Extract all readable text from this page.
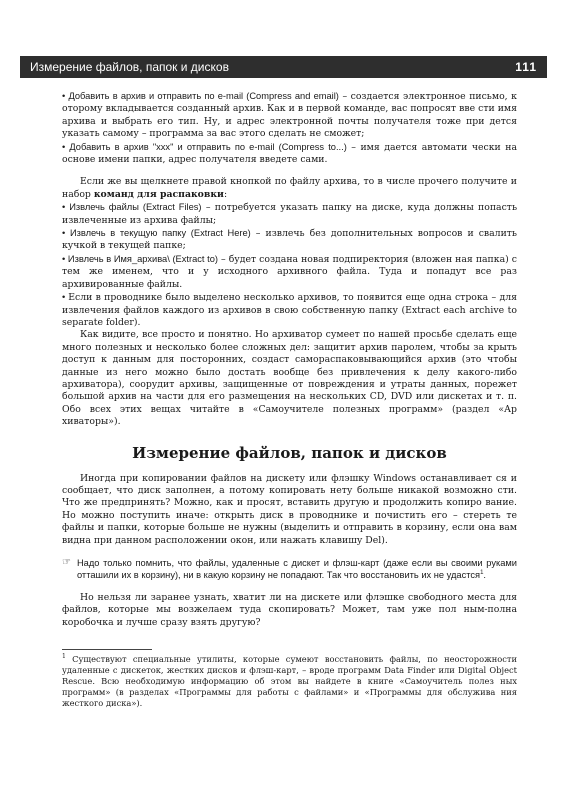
Измерение файлов, папок и дисков	111

• Добавить в архив и отправить по e-mail (Compress and email) – создается электронное письмо, к оторому вкладывается созданный архив. Как и в первой команде, вас попросят вве сти имя архива и выбрать его тип. Ну, и адрес электронной почты получателя тоже при дется указать самому – программа за вас этого сделать не сможет;

• Добавить в архив "ххх" и отправить по e-mail (Compress to...) – имя дается автомати чески на основе имени папки, адрес получателя введете сами.

Если же вы щелкнете правой кнопкой по файлу архива, то в числе прочего получите и набор команд для распаковки:

• Извлечь файлы (Extract Files) – потребуется указать папку на диске, куда должны попасть извлеченные из архива файлы;

• Извлечь в текущую папку (Extract Here) – извлечь без дополнительных вопросов и свалить кучкой в текущей папке;

• Извлечь в Имя_архива\ (Extract to) – будет создана новая подпиректория (вложен ная папка) с тем же именем, что и у исходного архивного файла. Туда и попадут все раз архивированные файлы.

• Если в проводнике было выделено несколько архивов, то появится еще одна строка – для извлечения файлов каждого из архивов в свою собственную папку (Extract each archive to separate folder).

Как видите, все просто и понятно. Но архиватор сумеет по нашей просьбе сделать еще много полезных и несколько более сложных дел: защитит архив паролем, чтобы за крыть доступ к данным для посторонних, создаст самораспаковывающийся архив (это чтобы данные из него можно было достать вообще без привлечения к делу какого-либо архиватора), соорудит архивы, защищенные от повреждения и утраты данных, порежет большой архив на части для его размещения на нескольких CD, DVD или дискетах и т. п. Обо всех этих вещах читайте в «Самоучителе полезных программ» (раздел «Ар хиваторы»).

Измерение файлов, папок и дисков

Иногда при копировании файлов на дискету или флэшку Windows останавливает ся и сообщает, что диск заполнен, а потому копировать нету больше никакой возможно сти. Что же предпринять? Можно, как и просят, вставить другую и продолжить копиро вание. Но можно поступить иначе: открыть диск в проводнике и почистить его – стереть те файлы и папки, которые больше не нужны (выделить и отправить в корзину, если она вам видна при данном расположении окон, или нажать клавишу Del).

☞ Надо только помнить, что файлы, удаленные с дискет и флэш-карт (даже если вы своими руками отташили их в корзину), ни в какую корзину не попадают. Так что восстановить их не удастся$^1$.

Но нельзя ли заранее узнать, хватит ли на дискете или флэшке свободного места для файлов, которые мы возжелаем туда скопировать? Может, там уже пол ным-полна коробочка и лучше сразу взять другую?

$^1$ Существуют специальные утилиты, которые сумеют восстановить файлы, по неосторожности удаленные с дискеток, жестких дисков и флэш-карт, – вроде программ Data Finder или Digital Object Rescue. Всю необходимую информацию об этом вы найдете в книге «Самоучитель полез ных программ» (в разделах «Программы для работы с файлами» и «Программы для обслужива ния жесткого диска»).
